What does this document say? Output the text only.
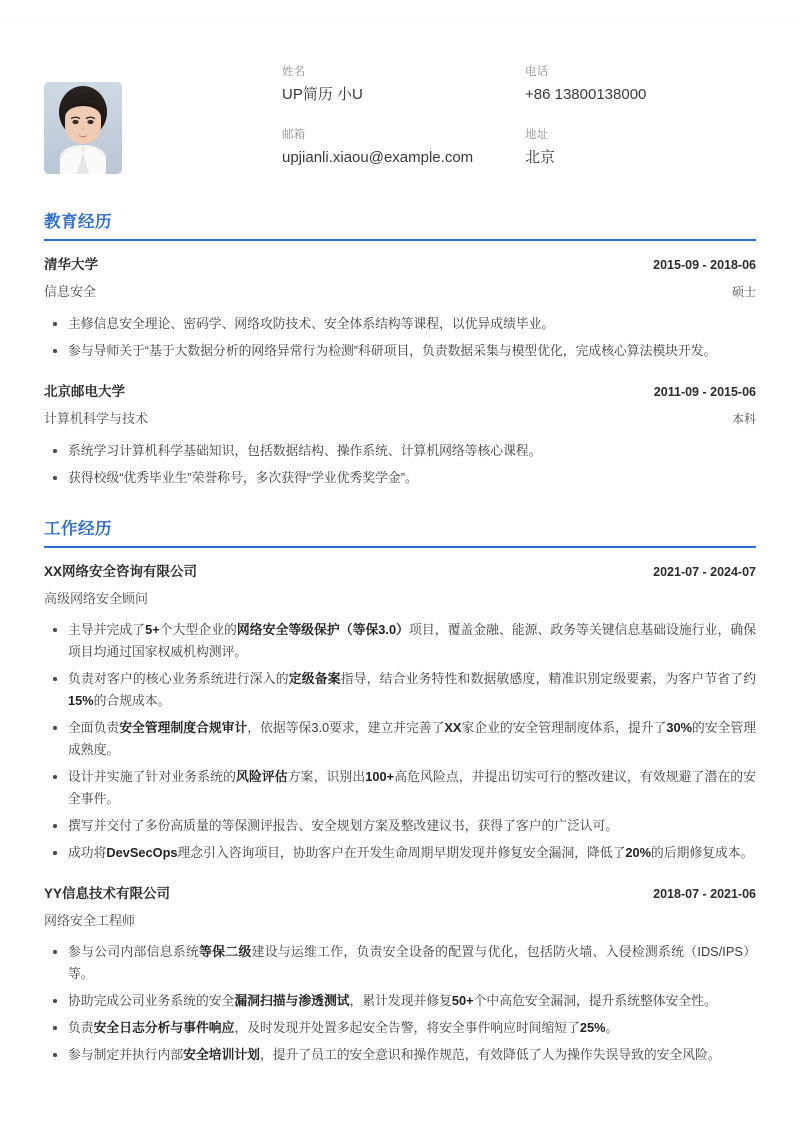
姓名
UP简历 小U
电话
+86 13800138000
邮箱
upjianli.xiaou@example.com
地址
北京
教育经历
清华大学	2015-09 - 2018-06
信息安全	硕士
主修信息安全理论、密码学、网络攻防技术、安全体系结构等课程，以优异成绩毕业。
参与导师关于“基于大数据分析的网络异常行为检测”科研项目，负责数据采集与模型优化，完成核心算法模块开发。
北京邮电大学	2011-09 - 2015-06
计算机科学与技术	本科
系统学习计算机科学基础知识，包括数据结构、操作系统、计算机网络等核心课程。
获得校级“优秀毕业生”荣誉称号，多次获得“学业优秀奖学金”。
工作经历
XX网络安全咨询有限公司	2021-07 - 2024-07
高级网络安全顾问
主导并完成了5+个大型企业的网络安全等级保护（等保3.0）项目，覆盖金融、能源、政务等关键信息基础设施行业，确保项目均通过国家权威机构测评。
负责对客户的核心业务系统进行深入的定级备案指导，结合业务特性和数据敏感度，精准识别定级要素，为客户节省了约15%的合规成本。
全面负责安全管理制度合规审计，依据等保3.0要求，建立并完善了XX家企业的安全管理制度体系，提升了30%的安全管理成熟度。
设计并实施了针对业务系统的风险评估方案，识别出100+高危风险点，并提出切实可行的整改建议，有效规避了潜在的安全事件。
撰写并交付了多份高质量的等保测评报告、安全规划方案及整改建议书，获得了客户的广泛认可。
成功将DevSecOps理念引入咨询项目，协助客户在开发生命周期早期发现并修复安全漏洞，降低了20%的后期修复成本。
YY信息技术有限公司	2018-07 - 2021-06
网络安全工程师
参与公司内部信息系统等保二级建设与运维工作，负责安全设备的配置与优化，包括防火墙、入侵检测系统（IDS/IPS）等。
协助完成公司业务系统的安全漏洞扫描与渗透测试，累计发现并修复50+个中高危安全漏洞，提升系统整体安全性。
负责安全日志分析与事件响应，及时发现并处置多起安全告警，将安全事件响应时间缩短了25%。
参与制定并执行内部安全培训计划，提升了员工的安全意识和操作规范，有效降低了人为操作失误导致的安全风险。
